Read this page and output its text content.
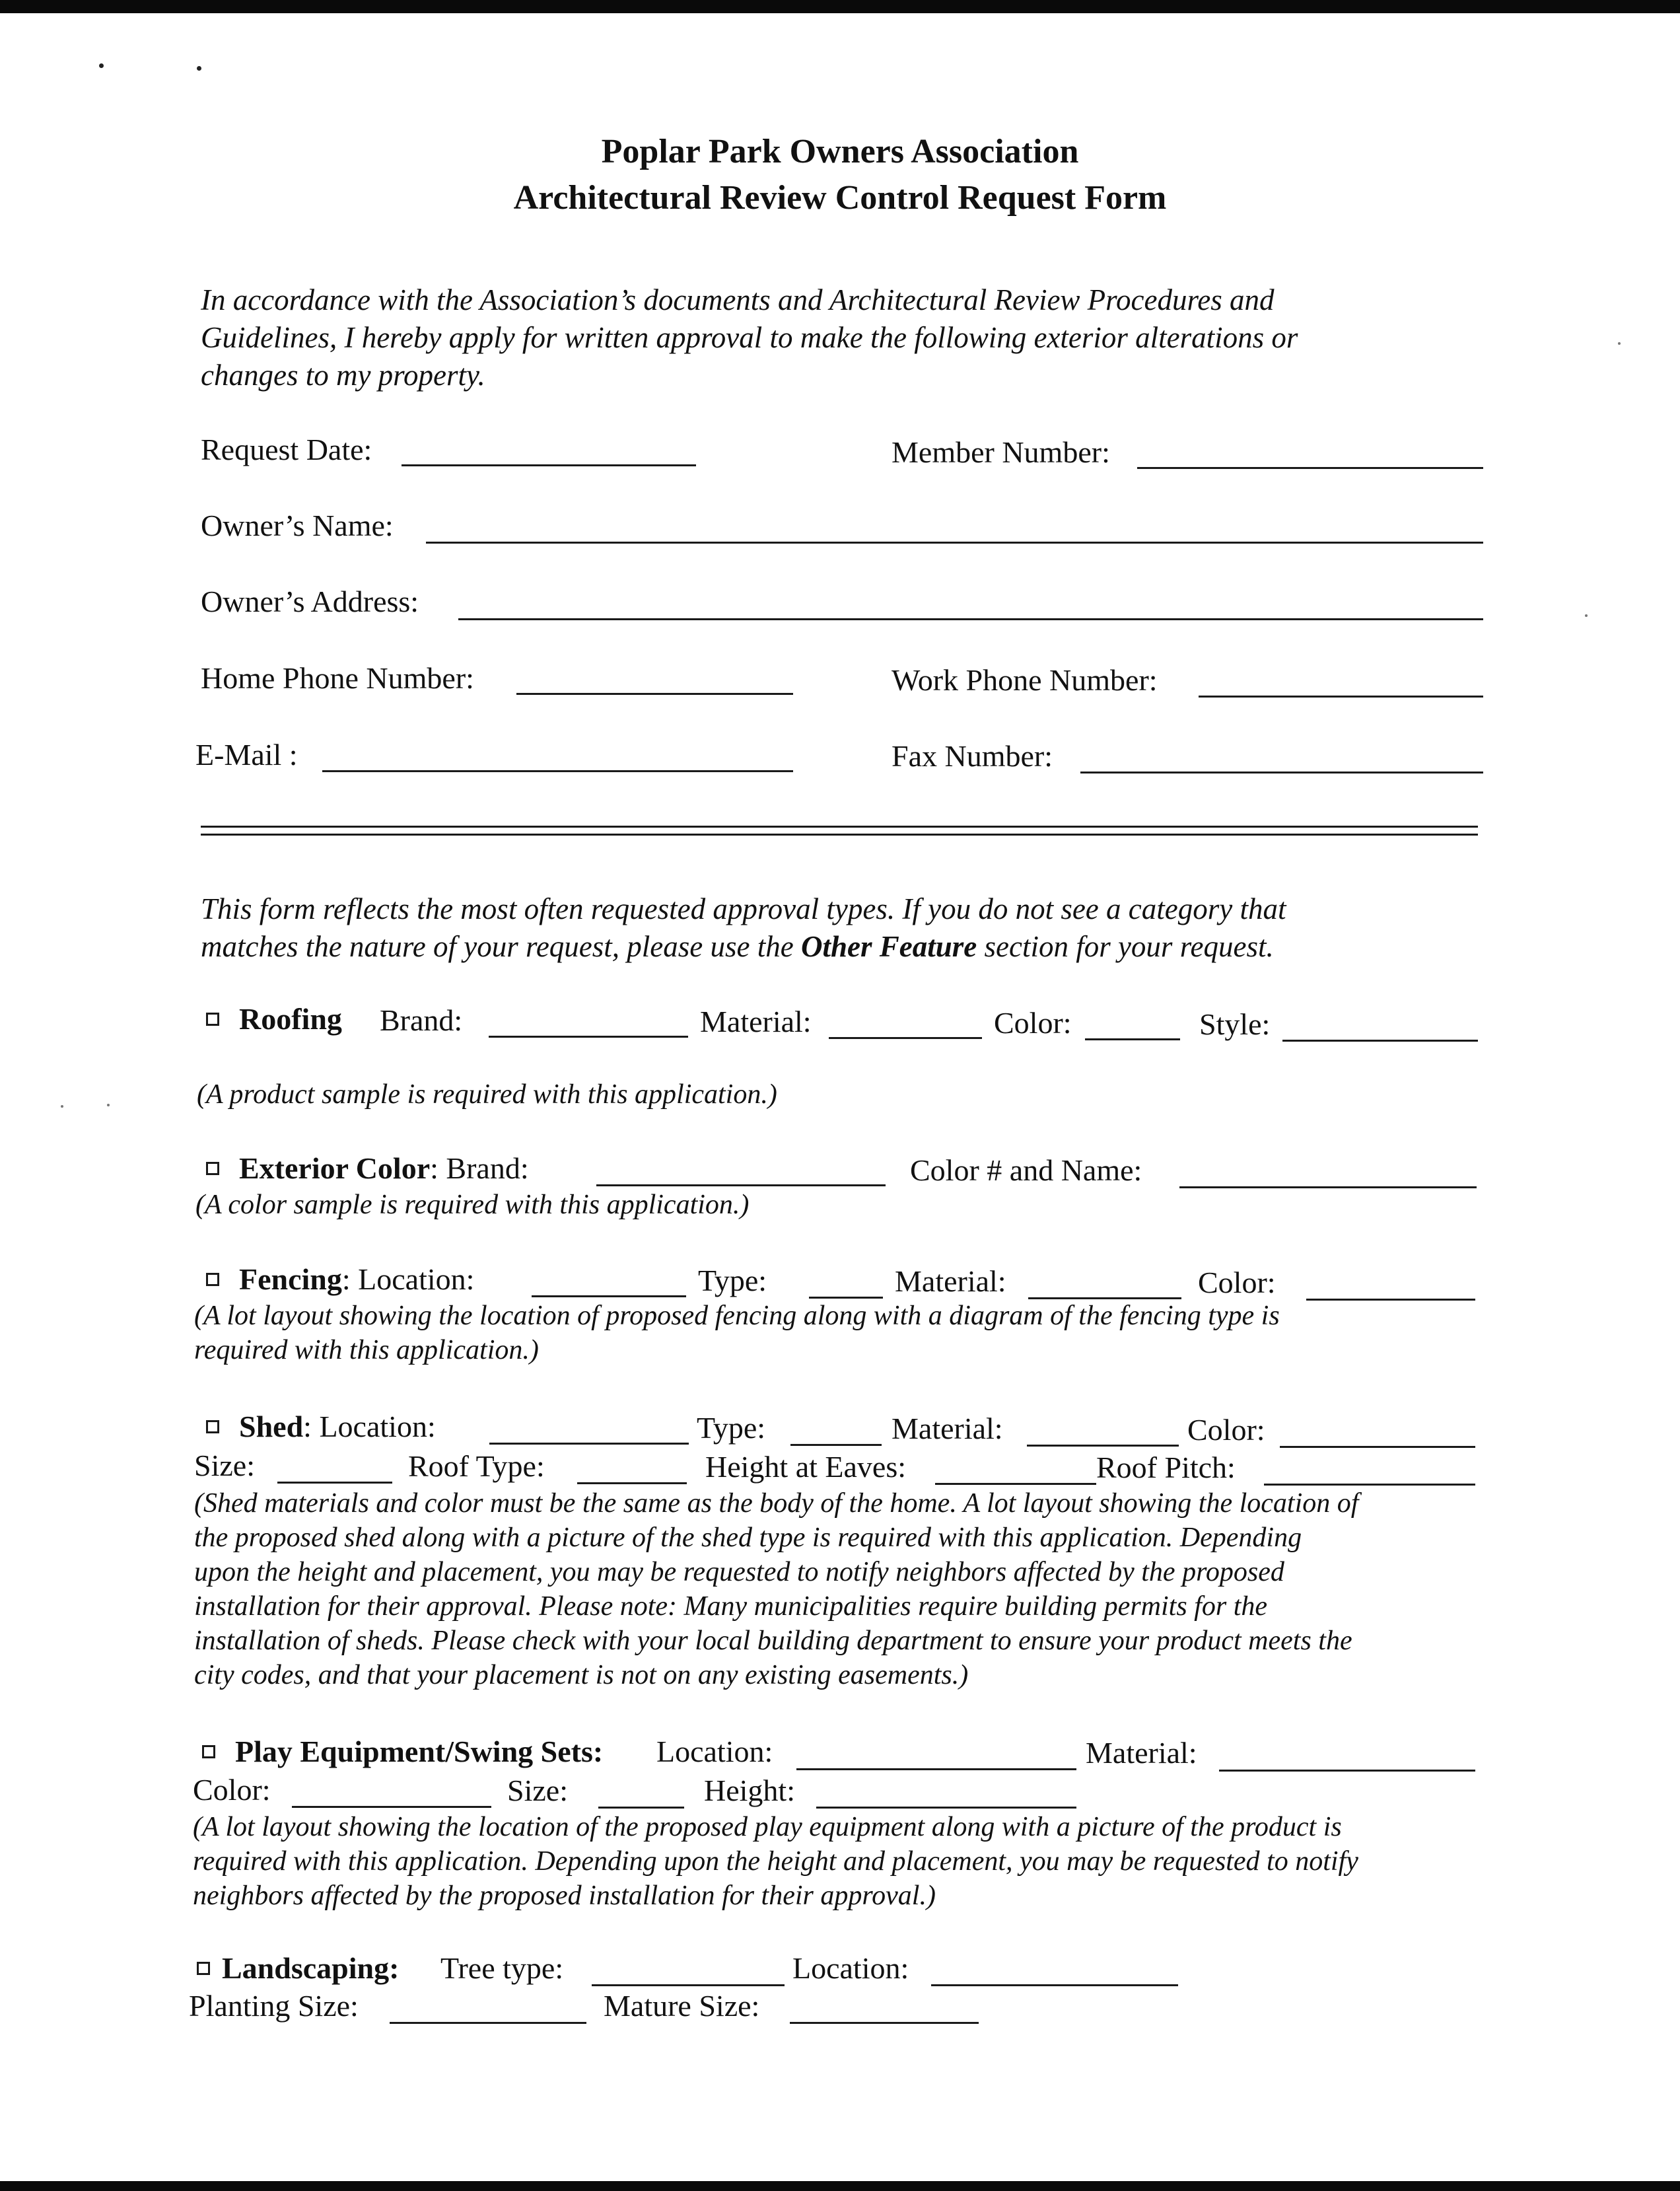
Poplar Park Owners Association
Architectural Review Control Request Form
In accordance with the Association’s documents and Architectural Review Procedures and
Guidelines, I hereby apply for written approval to make the following exterior alterations or
changes to my property.
Request Date:	Member Number:
Owner’s Name:
Owner’s Address:
Home Phone Number:	Work Phone Number:
E-Mail :	Fax Number:
This form reflects the most often requested approval types. If you do not see a category that
matches the nature of your request, please use the Other Feature section for your request.
Roofing Brand:	Material:	Color:	Style:
(A product sample is required with this application.)
Exterior Color: Brand:	Color # and Name:
(A color sample is required with this application.)
Fencing: Location:	Type:	Material:	Color:
(A lot layout showing the location of proposed fencing along with a diagram of the fencing type is
required with this application.)
Shed: Location:	Type:	Material:	Color:
Size:	Roof Type:	Height at Eaves:	Roof Pitch:
(Shed materials and color must be the same as the body of the home. A lot layout showing the location of
the proposed shed along with a picture of the shed type is required with this application. Depending
upon the height and placement, you may be requested to notify neighbors affected by the proposed
installation for their approval. Please note: Many municipalities require building permits for the
installation of sheds. Please check with your local building department to ensure your product meets the
city codes, and that your placement is not on any existing easements.)
Play Equipment/Swing Sets: Location:	Material:
Color:	Size:	Height:
(A lot layout showing the location of the proposed play equipment along with a picture of the product is
required with this application. Depending upon the height and placement, you may be requested to notify
neighbors affected by the proposed installation for their approval.)
Landscaping: Tree type:	Location:
Planting Size:	Mature Size:
